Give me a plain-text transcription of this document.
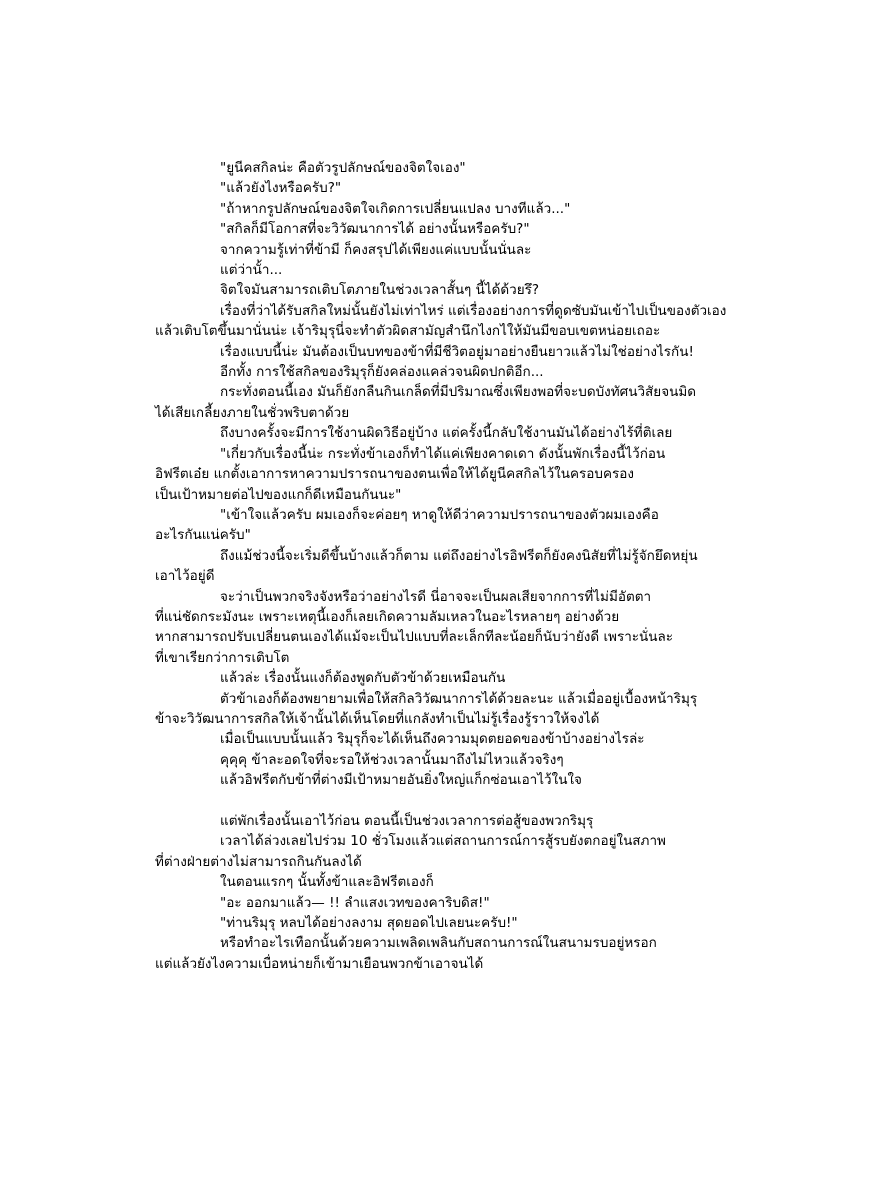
"ยูนีคสกิลน่ะ คือตัวรูปลักษณ์ของจิตใจเอง"
"แล้วยังไงหรือครับ?"
"ถ้าหากรูปลักษณ์ของจิตใจเกิดการเปลี่ยนแปลง บางทีแล้ว..."
"สกิลก็มีโอกาสที่จะวิวัฒนาการได้ อย่างนั้นหรือครับ?"
จากความรู้เท่าที่ข้ามี ก็คงสรุปได้เพียงแค่แบบนั้นนั่นละ
แต่ว่านั้า...
จิตใจมันสามารถเติบโตภายในช่วงเวลาสั้นๆ นี้ได้ด้วยรึ?
เรื่องที่ว่าได้รับสกิลใหม่นั้นยังไม่เท่าไหร่ แต่เรื่องอย่างการที่ดูดซับมันเข้าไปเป็นของตัวเอง
แล้วเติบโตขึ้นมานั่นน่ะ เจ้าริมุรุนี่จะทำตัวผิดสามัญสำนึกไงกไให้มันมีขอบเขตหน่อยเถอะ
เรื่องแบบนี้น่ะ มันต้องเป็นบทของข้าที่มีชีวิตอยู่มาอย่างยืนยาวแล้วไม่ใช่อย่างไรกัน!
อีกทั้ง การใช้สกิลของริมุรุก็ยังคล่องแคล่วจนผิดปกติอีก...
กระทั่งตอนนี้เอง มันก็ยังกลืนกินเกล็ดที่มีปริมาณซึ่งเพียงพอที่จะบดบังทัศนวิสัยจนมิด
ได้เสียเกลี้ยงภายในชั่วพริบตาด้วย
ถึงบางครั้งจะมีการใช้งานผิดวิธีอยู่บ้าง แต่ครั้งนี้กลับใช้งานมันได้อย่างไร้ที่ติเลย
"เกี่ยวกับเรื่องนี้น่ะ กระทั่งข้าเองก็ทำได้แค่เพียงคาดเดา ดังนั้นพักเรื่องนี้ไว้ก่อน
อิฟรีตเอ๋ย แกตั้งเอาการหาความปรารถนาของตนเพื่อให้ได้ยูนีคสกิลไว้ในครอบครอง
เป็นเป้าหมายต่อไปของแกก็ดีเหมือนกันนะ"
"เข้าใจแล้วครับ ผมเองก็จะค่อยๆ หาดูให้ดีว่าความปรารถนาของตัวผมเองคือ
อะไรกันแน่ครับ"
ถึงแม้ช่วงนี้จะเริ่มดีขึ้นบ้างแล้วก็ตาม แต่ถึงอย่างไรอิฟรีตก็ยังคงนิสัยที่ไม่รู้จักยึดหยุ่น
เอาไว้อยู่ดี
จะว่าเป็นพวกจริงจังหรือว่าอย่างไรดี นี่อาจจะเป็นผลเสียจากการที่ไม่มีอัตตา
ที่แน่ชัดกระมังนะ เพราะเหตุนี้เองก็เลยเกิดความลัมเหลวในอะไรหลายๆ อย่างด้วย
หากสามารถปรับเปลี่ยนตนเองได้แม้จะเป็นไปแบบที่ละเล็กทีละน้อยก็นับว่ายังดี เพราะนั่นละ
ที่เขาเรียกว่าการเติบโต
แล้วล่ะ เรื่องนั้นแงก็ต้องพูดกับตัวข้าด้วยเหมือนกัน
ตัวข้าเองก็ต้องพยายามเพื่อให้สกิลวิวัฒนาการได้ด้วยละนะ แล้วเมื่ออยู่เบื้องหน้าริมุรุ
ข้าจะวิวัฒนาการสกิลให้เจ้านั้นได้เห็นโดยที่แกลังทำเป็นไม่รู้เรื่องรู้ราวให้จงได้
เมื่อเป็นแบบนั้นแล้ว ริมุรุก็จะได้เห็นถึงความมุดตยอดของข้าบ้างอย่างไรล่ะ
คุคุคุ ข้าละอดใจที่จะรอให้ช่วงเวลานั้นมาถึงไม่ไหวแล้วจริงๆ
แล้วอิฟรีตกับข้าที่ต่างมีเป้าหมายอันยิ่งใหญ่แก็กซ่อนเอาไว้ในใจ
แต่พักเรื่องนั้นเอาไว้ก่อน ตอนนี้เป็นช่วงเวลาการต่อสู้ของพวกริมุรุ
เวลาได้ล่วงเลยไปร่วม 10 ชั่วโมงแล้วแต่สถานการณ์การสู้รบยังตกอยู่ในสภาพ
ที่ต่างฝ่ายต่างไม่สามารถกินกันลงได้
ในตอนแรกๆ นั้นทั้งข้าและอิฟรีตเองก็
"อะ ออกมาแล้ว— !! ลำแสงเวทของคาริบดิส!"
"ท่านริมุรุ หลบได้อย่างลงาม สุดยอดไปเลยนะครับ!"
หรือทำอะไรเทือกนั้นด้วยความเพลิดเพลินกับสถานการณ์ในสนามรบอยู่หรอก
แต่แล้วยังไงความเบื่อหน่ายก็เข้ามาเยือนพวกข้าเอาจนได้
